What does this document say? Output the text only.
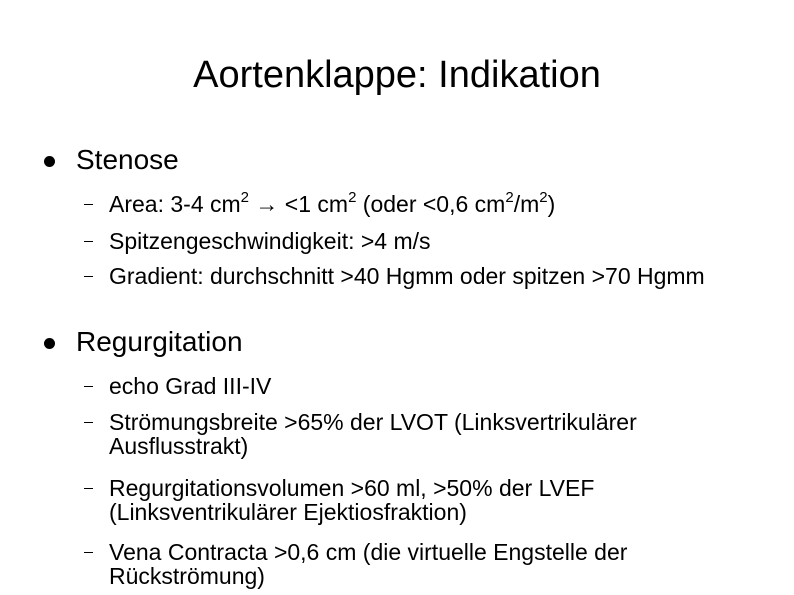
Aortenklappe: Indikation
Stenose
Area: 3-4 $cm^2 \to <1$ $cm^2$ (oder <0,6 $cm^2/m^2$)
Spitzengeschwindigkeit: >4 m/s
Gradient: durchschnitt >40 Hgmm oder spitzen >70 Hgmm
Regurgitation
echo Grad III-IV
Strömungsbreite >65% der LVOT (Linksvertrikulärer Ausflusstrakt)
Regurgitationsvolumen >60 ml, >50% der LVEF (Linksventrikulärer Ejektiosfraktion)
Vena Contracta >0,6 cm (die virtuelle Engstelle der Rückströmung)
